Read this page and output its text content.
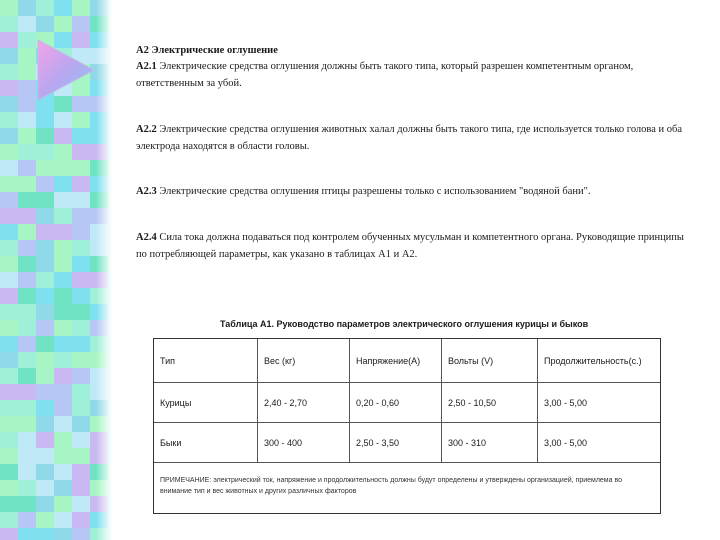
А2 Электрические оглушение
А2.1 Электрические средства оглушения должны быть такого типа, который разрешен компетентным органом, ответственным за убой.
А2.2 Электрические средства оглушения животных халал должны быть такого типа, где используется только голова и оба электрода находятся в области головы.
А2.3 Электрические средства оглушения птицы разрешены только с использованием "водяной бани".
А2.4 Сила тока должна подаваться под контролем обученных мусульман и компетентного органа. Руководящие принципы по потребляющей параметры, как указано в таблицах А1 и А2.
Таблица А1. Руководство параметров электрического оглушения курицы и быков
Тип	Вес (кг)	Напряжение(А)	Вольты (V)	Продолжительность(с.)
Курицы	2,40 - 2,70	0,20 - 0,60	2,50 - 10,50	3,00 - 5,00
Быки	300 - 400	2,50 - 3,50	300 - 310	3,00 - 5,00
ПРИМЕЧАНИЕ: электрический ток, напряжение и продолжительность должны будут определены и утверждены организацией, приемлема во внимание тип и вес животных и других различных факторов
